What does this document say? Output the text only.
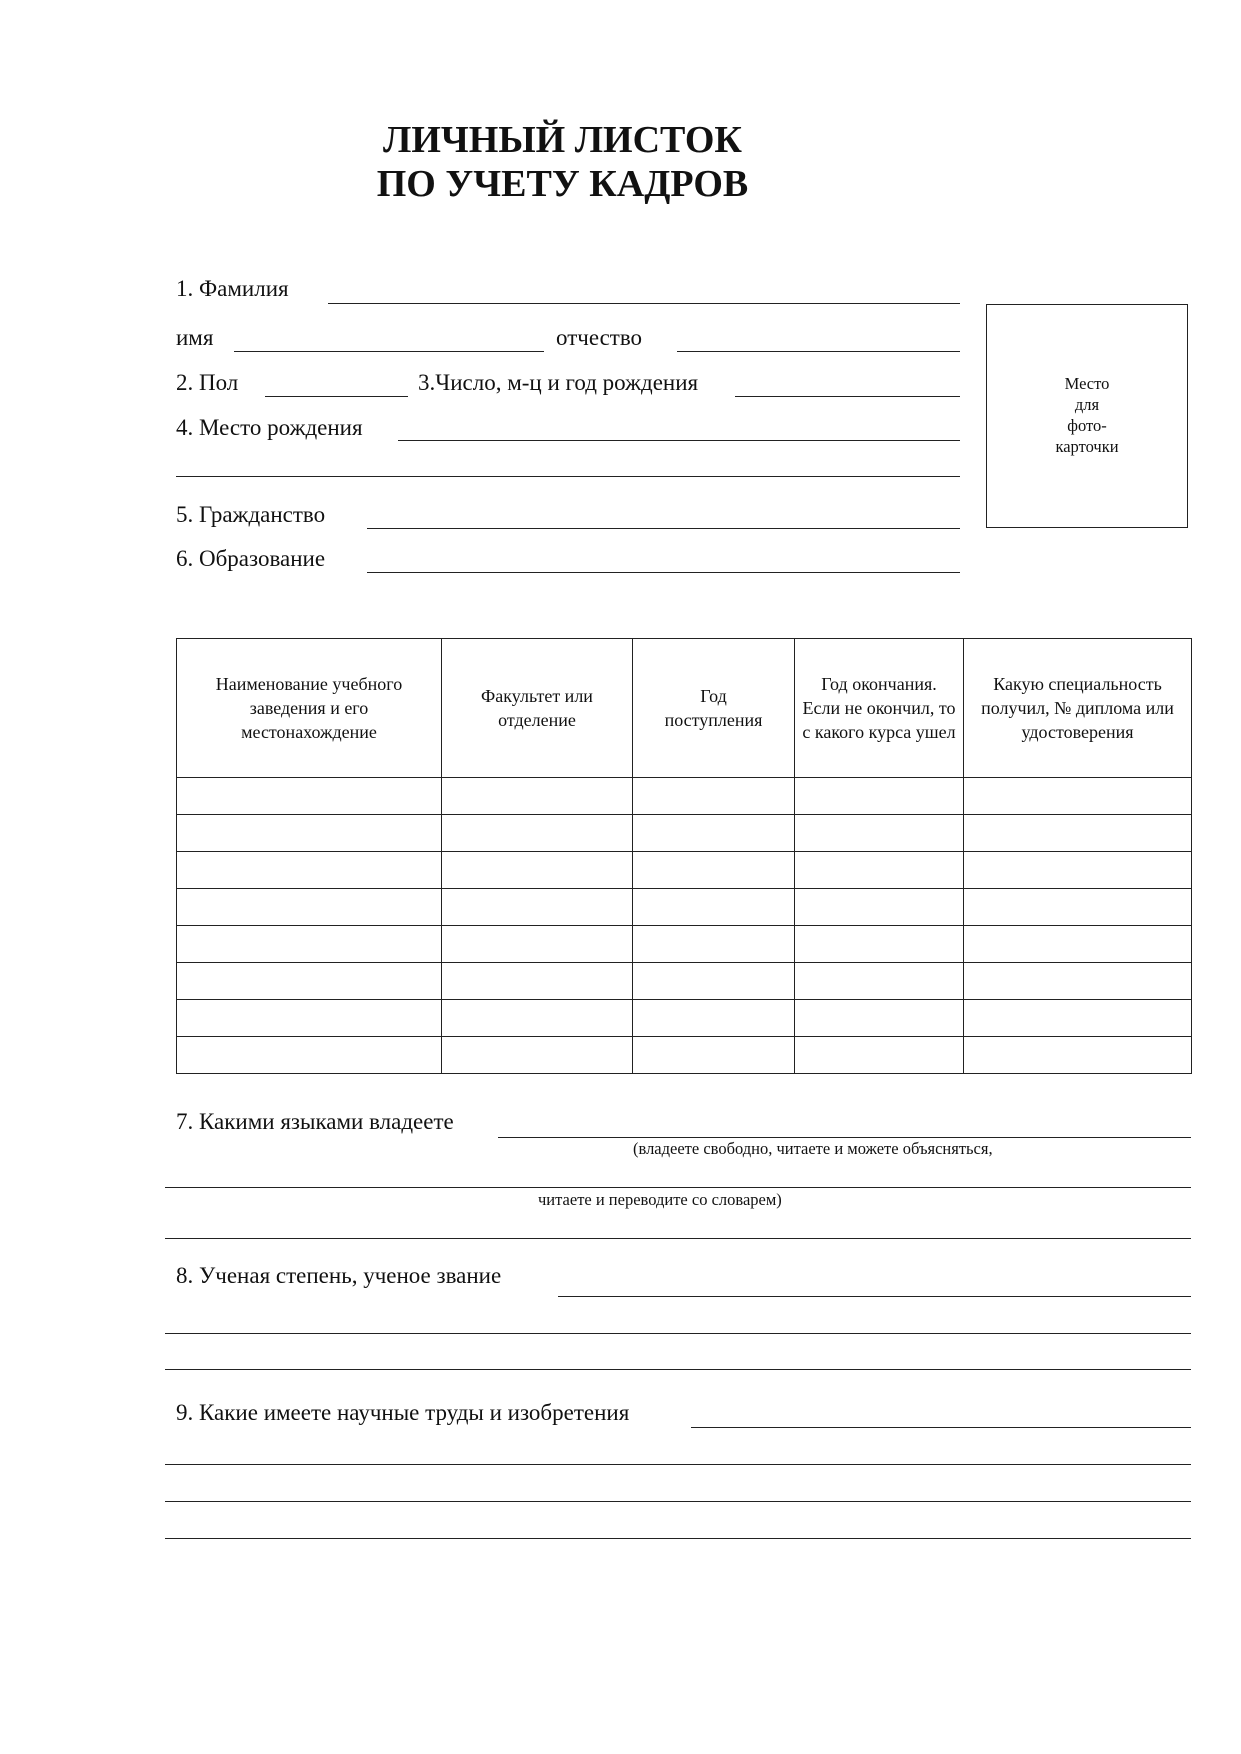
ЛИЧНЫЙ ЛИСТОК
ПО УЧЕТУ КАДРОВ
1. Фамилия
имя	отчество
2. Пол	3.Число, м-ц и год рождения
4. Место рождения
5. Гражданство
6. Образование
Место
для
фото-
карточки
Наименование учебного заведения и его местонахождение	Факультет или отделение	Год поступления	Год окончания. Если не окончил, то с какого курса ушел	Какую специальность получил, № диплома или удостоверения

7. Какими языками владеете
(владеете свободно, читаете и можете объясняться,
читаете и переводите со словарем)
8. Ученая степень, ученое звание
9. Какие имеете научные труды и изобретения
